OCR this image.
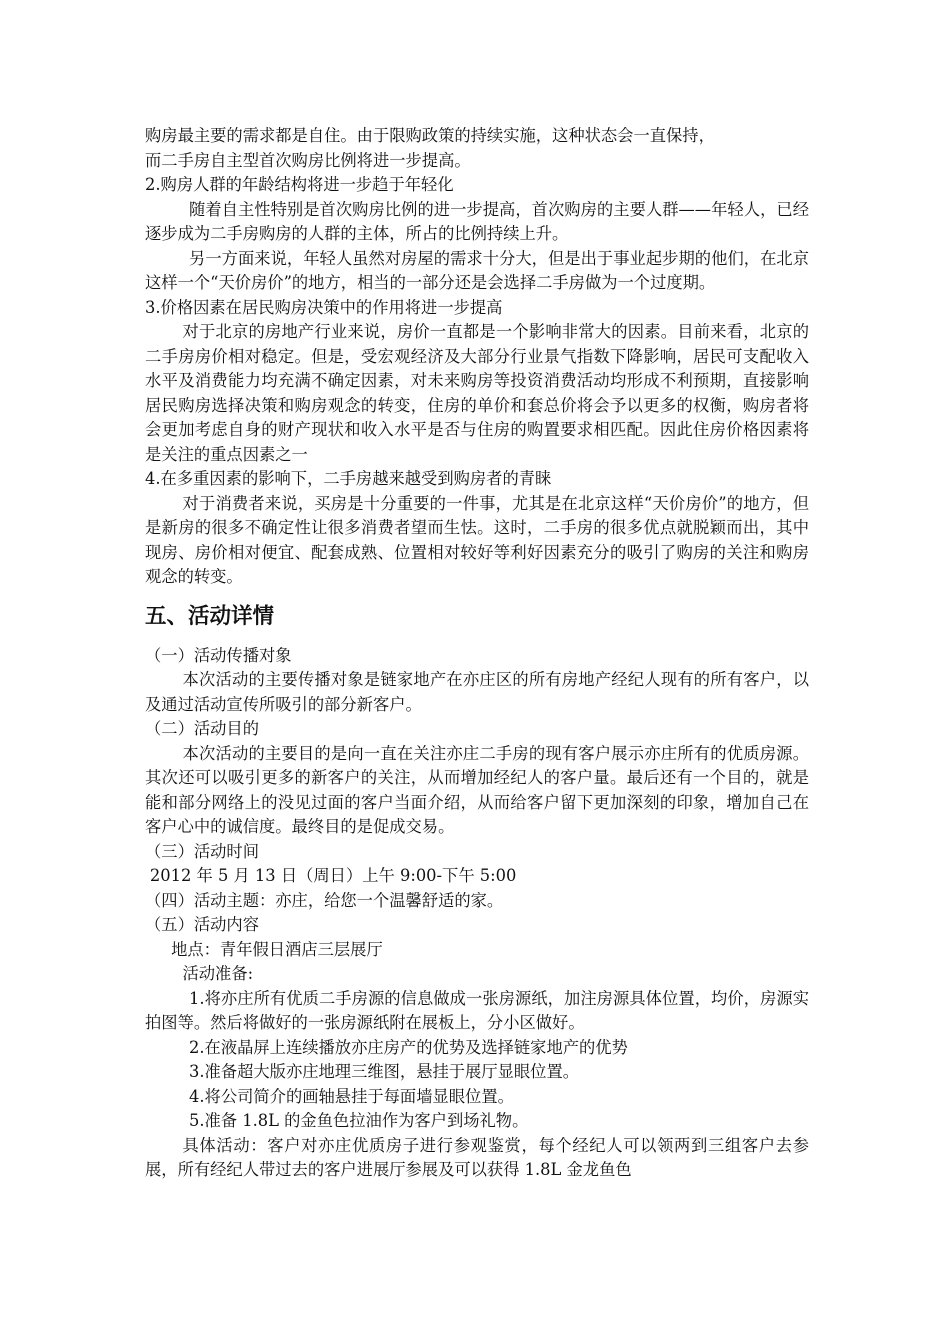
购房最主要的需求都是自住。由于限购政策的持续实施，这种状态会一直保持，

而二手房自主型首次购房比例将进一步提高。

2.购房人群的年龄结构将进一步趋于年轻化

随着自主性特别是首次购房比例的进一步提高，首次购房的主要人群——年轻人，已经逐步成为二手房购房的人群的主体，所占的比例持续上升。

另一方面来说，年轻人虽然对房屋的需求十分大，但是出于事业起步期的他们，在北京这样一个“天价房价”的地方，相当的一部分还是会选择二手房做为一个过度期。

3.价格因素在居民购房决策中的作用将进一步提高

对于北京的房地产行业来说，房价一直都是一个影响非常大的因素。目前来看，北京的二手房房价相对稳定。但是，受宏观经济及大部分行业景气指数下降影响，居民可支配收入水平及消费能力均充满不确定因素，对未来购房等投资消费活动均形成不利预期，直接影响居民购房选择决策和购房观念的转变，住房的单价和套总价将会予以更多的权衡，购房者将会更加考虑自身的财产现状和收入水平是否与住房的购置要求相匹配。因此住房价格因素将是关注的重点因素之一

4.在多重因素的影响下，二手房越来越受到购房者的青睐

对于消费者来说，买房是十分重要的一件事，尤其是在北京这样“天价房价”的地方，但是新房的很多不确定性让很多消费者望而生怯。这时，二手房的很多优点就脱颖而出，其中现房、房价相对便宜、配套成熟、位置相对较好等利好因素充分的吸引了购房的关注和购房观念的转变。

五、活动详情

（一）活动传播对象

本次活动的主要传播对象是链家地产在亦庄区的所有房地产经纪人现有的所有客户，以及通过活动宣传所吸引的部分新客户。

（二）活动目的

本次活动的主要目的是向一直在关注亦庄二手房的现有客户展示亦庄所有的优质房源。其次还可以吸引更多的新客户的关注，从而增加经纪人的客户量。最后还有一个目的，就是能和部分网络上的没见过面的客户当面介绍，从而给客户留下更加深刻的印象，增加自己在客户心中的诚信度。最终目的是促成交易。

（三）活动时间

2012 年 5 月 13 日（周日）上午 9:00-下午 5:00

（四）活动主题：亦庄，给您一个温馨舒适的家。

（五）活动内容

地点：青年假日酒店三层展厅

活动准备:

1.将亦庄所有优质二手房源的信息做成一张房源纸，加注房源具体位置，均价，房源实拍图等。然后将做好的一张房源纸附在展板上，分小区做好。

2.在液晶屏上连续播放亦庄房产的优势及选择链家地产的优势

3.准备超大版亦庄地理三维图，悬挂于展厅显眼位置。

4.将公司简介的画轴悬挂于每面墙显眼位置。

5.准备 1.8L 的金鱼色拉油作为客户到场礼物。

具体活动：客户对亦庄优质房子进行参观鉴赏，每个经纪人可以领两到三组客户去参展，所有经纪人带过去的客户进展厅参展及可以获得 1.8L 金龙鱼色
